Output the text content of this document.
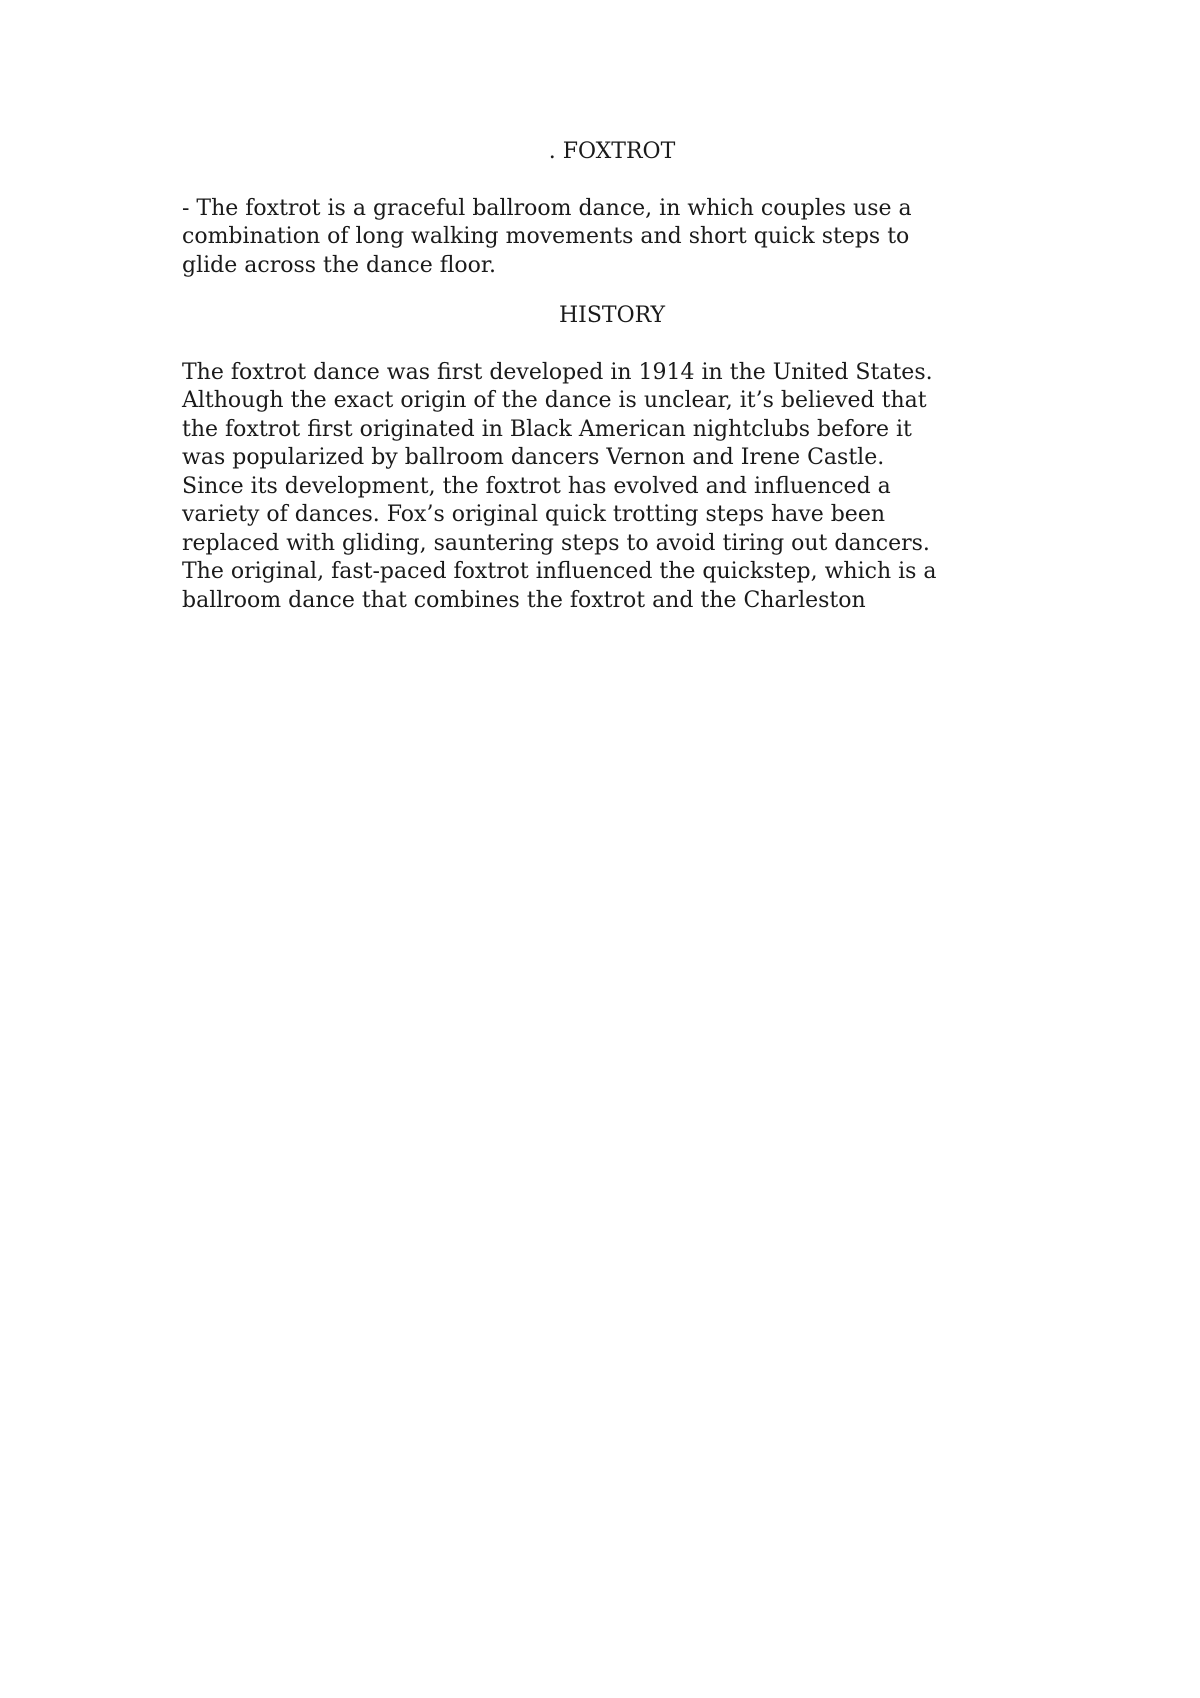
. FOXTROT

- The foxtrot is a graceful ballroom dance, in which couples use a
combination of long walking movements and short quick steps to
glide across the dance floor.

HISTORY

The foxtrot dance was first developed in 1914 in the United States.
Although the exact origin of the dance is unclear, it’s believed that
the foxtrot first originated in Black American nightclubs before it
was popularized by ballroom dancers Vernon and Irene Castle.
Since its development, the foxtrot has evolved and influenced a
variety of dances. Fox’s original quick trotting steps have been
replaced with gliding, sauntering steps to avoid tiring out dancers.
The original, fast-paced foxtrot influenced the quickstep, which is a
ballroom dance that combines the foxtrot and the Charleston
